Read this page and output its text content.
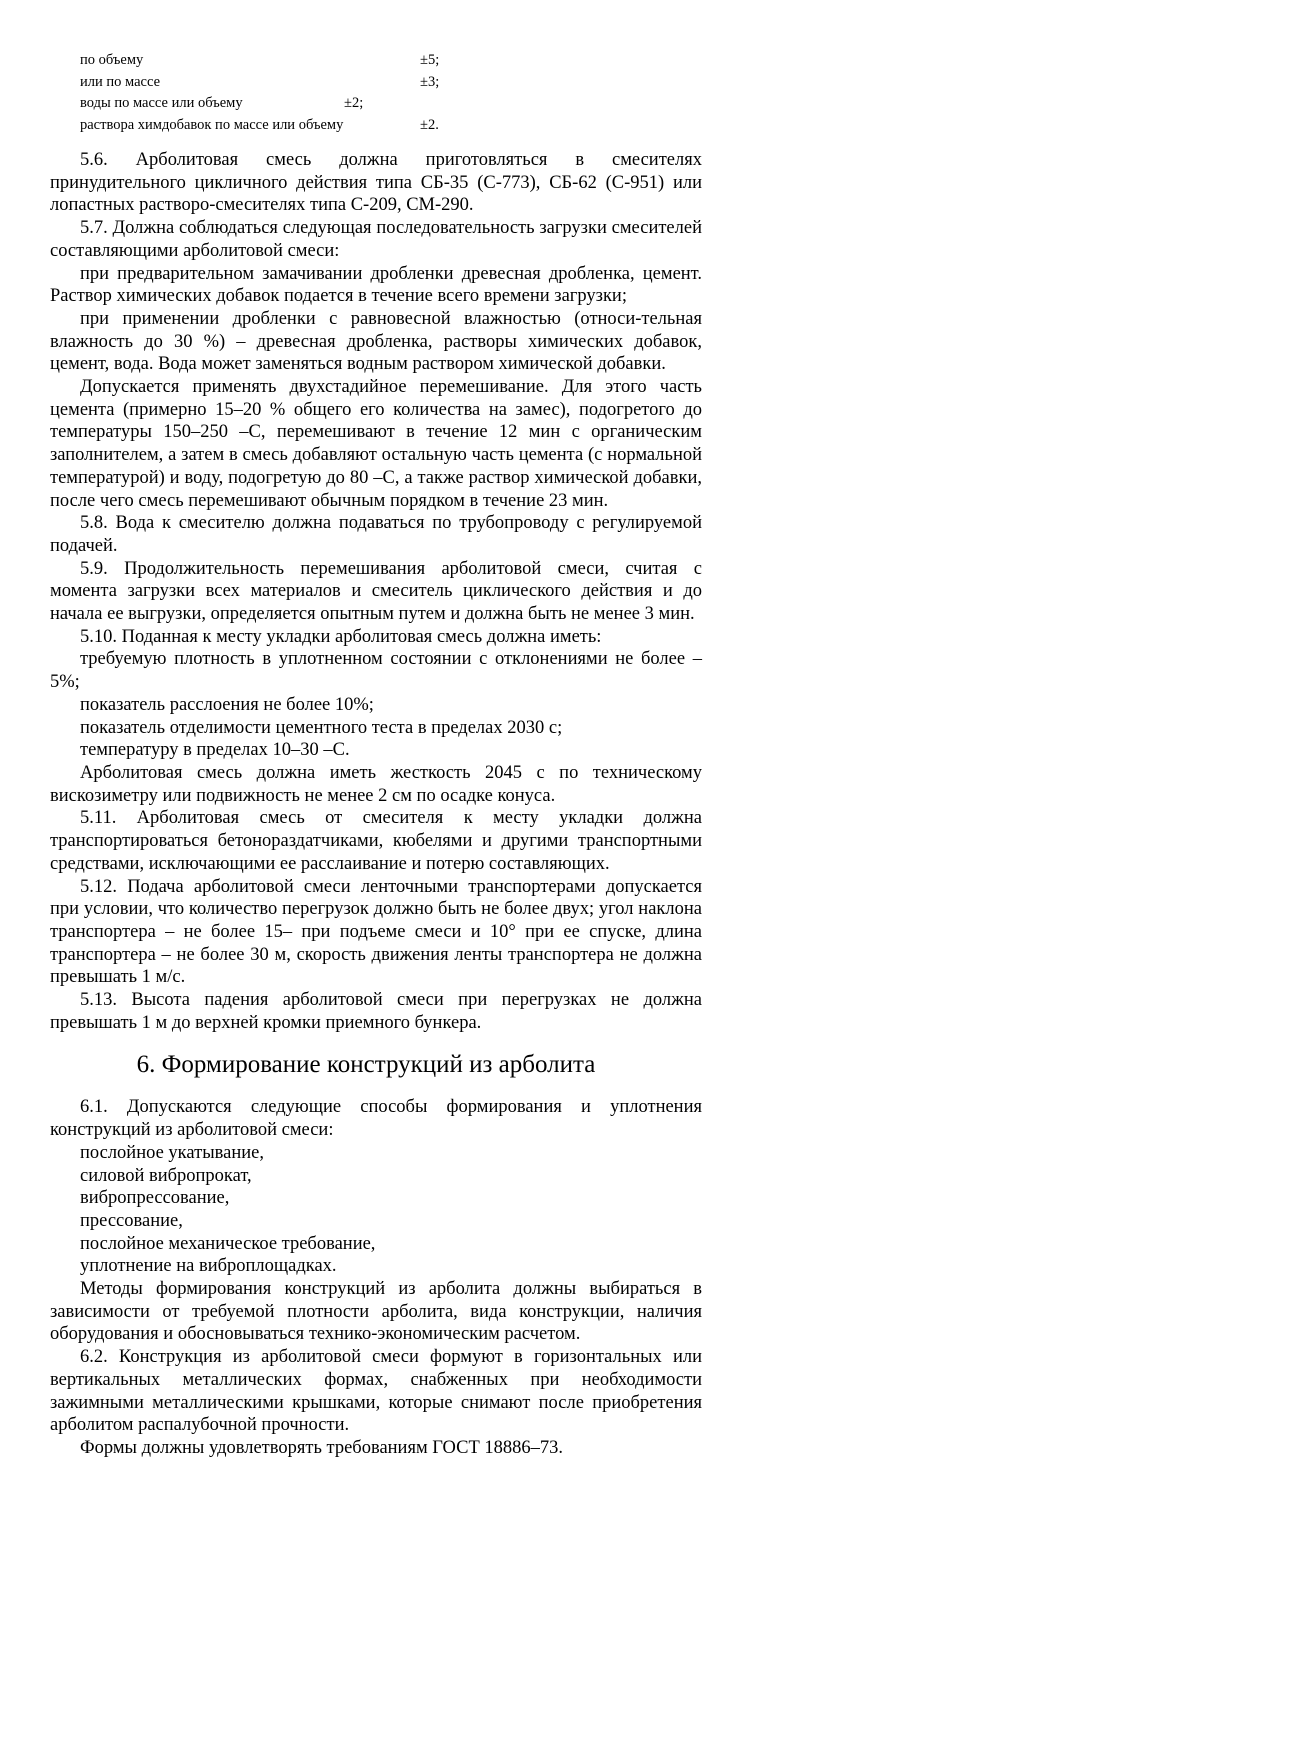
по объему	±5;
или по массе	±3;
воды по массе или объему	±2;
раствора химдобавок по массе или объему	±2.

5.6. Арболитовая смесь должна приготовляться в смесителях принудительного цикличного действия типа СБ-35 (С-773), СБ-62 (С-951) или лопастных растворо-смесителях типа С-209, СМ-290.

5.7. Должна соблюдаться следующая последовательность загрузки смесителей составляющими арболитовой смеси:

при предварительном замачивании дробленки древесная дробленка, цемент. Раствор химических добавок подается в течение всего времени загрузки;

при применении дробленки с равновесной влажностью (относи-тельная влажность до 30 %) – древесная дробленка, растворы химических добавок, цемент, вода. Вода может заменяться водным раствором химической добавки.

Допускается применять двухстадийное перемешивание. Для этого часть цемента (примерно 15–20 % общего его количества на замес), подогретого до температуры 150–250 –С, перемешивают в течение 12 мин с органическим заполнителем, а затем в смесь добавляют остальную часть цемента (с нормальной температурой) и воду, подогретую до 80 –С, а также раствор химической добавки, после чего смесь перемешивают обычным порядком в течение 23 мин.

5.8. Вода к смесителю должна подаваться по трубопроводу с регулируемой подачей.

5.9. Продолжительность перемешивания арболитовой смеси, считая с момента загрузки всех материалов и смеситель циклического действия и до начала ее выгрузки, определяется опытным путем и должна быть не менее 3 мин.

5.10. Поданная к месту укладки арболитовая смесь должна иметь:

требуемую плотность в уплотненном состоянии с отклонениями не более –5%;

показатель расслоения не более 10%;

показатель отделимости цементного теста в пределах 2030 с;

температуру в пределах 10–30 –С.

Арболитовая смесь должна иметь жесткость 2045 с по техническому вискозиметру или подвижность не менее 2 см по осадке конуса.

5.11. Арболитовая смесь от смесителя к месту укладки должна транспортироваться бетонораздатчиками, кюбелями и другими транспортными средствами, исключающими ее расслаивание и потерю составляющих.

5.12. Подача арболитовой смеси ленточными транспортерами допускается при условии, что количество перегрузок должно быть не более двух; угол наклона транспортера – не более 15– при подъеме смеси и 10° при ее спуске, длина транспортера – не более 30 м, скорость движения ленты транспортера не должна превышать 1 м/с.

5.13. Высота падения арболитовой смеси при перегрузках не должна превышать 1 м до верхней кромки приемного бункера.

6. Формирование конструкций из арболита

6.1. Допускаются следующие способы формирования и уплотнения конструкций из арболитовой смеси:

послойное укатывание,

силовой вибропрокат,

вибропрессование,

прессование,

послойное механическое требование,

уплотнение на виброплощадках.

Методы формирования конструкций из арболита должны выбираться в зависимости от требуемой плотности арболита, вида конструкции, наличия оборудования и обосновываться технико-экономическим расчетом.

6.2. Конструкция из арболитовой смеси формуют в горизонтальных или вертикальных металлических формах, снабженных при необходимости зажимными металлическими крышками, которые снимают после приобретения арболитом распалубочной прочности.

Формы должны удовлетворять требованиям ГОСТ 18886–73.
